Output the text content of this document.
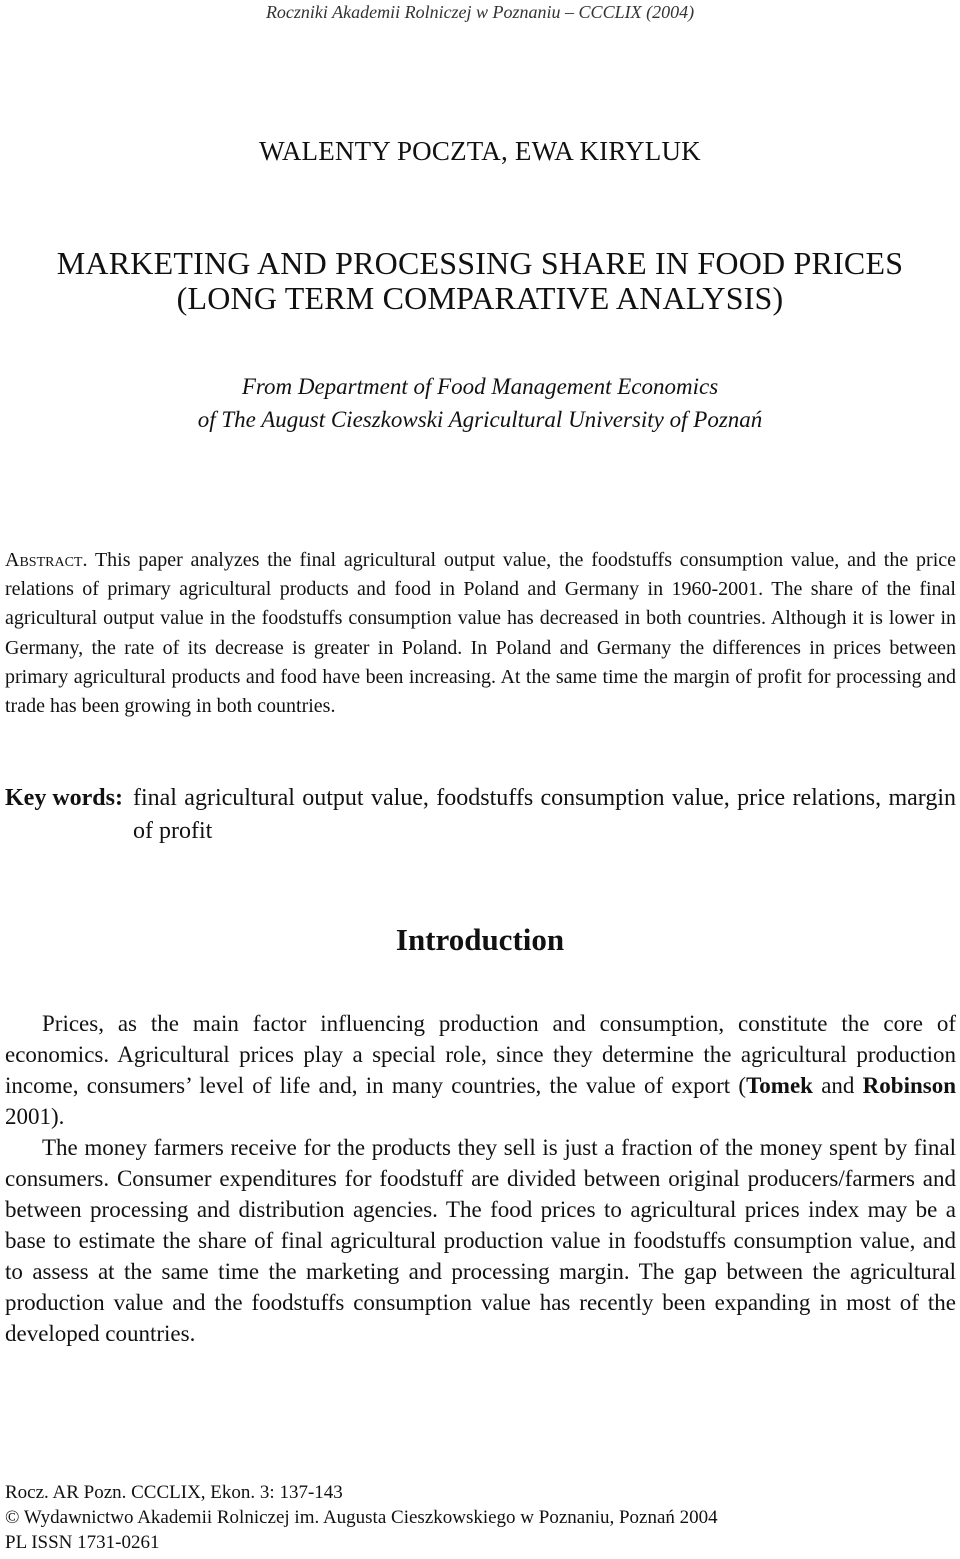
Roczniki Akademii Rolniczej w Poznaniu – CCCLIX (2004)
WALENTY POCZTA, EWA KIRYLUK
MARKETING AND PROCESSING SHARE IN FOOD PRICES
(LONG TERM COMPARATIVE ANALYSIS)
From Department of Food Management Economics
of The August Cieszkowski Agricultural University of Poznań
Abstract. This paper analyzes the final agricultural output value, the foodstuffs consumption value, and the price relations of primary agricultural products and food in Poland and Germany in 1960-2001. The share of the final agricultural output value in the foodstuffs consumption value has decreased in both countries. Although it is lower in Germany, the rate of its decrease is greater in Poland. In Poland and Germany the differences in prices between primary agricultural products and food have been increasing. At the same time the margin of profit for processing and trade has been growing in both countries.
Key words: final agricultural output value, foodstuffs consumption value, price relations, margin of profit
Introduction

Prices, as the main factor influencing production and consumption, constitute the core of economics. Agricultural prices play a special role, since they determine the agricultural production income, consumers’ level of life and, in many countries, the value of export (Tomek and Robinson 2001).

The money farmers receive for the products they sell is just a fraction of the money spent by final consumers. Consumer expenditures for foodstuff are divided between original producers/farmers and between processing and distribution agencies. The food prices to agricultural prices index may be a base to estimate the share of final agricultural production value in foodstuffs consumption value, and to assess at the same time the marketing and processing margin. The gap between the agricultural production value and the foodstuffs consumption value has recently been expanding in most of the developed countries.

Rocz. AR Pozn. CCCLIX, Ekon. 3: 137-143
© Wydawnictwo Akademii Rolniczej im. Augusta Cieszkowskiego w Poznaniu, Poznań 2004
PL ISSN 1731-0261
